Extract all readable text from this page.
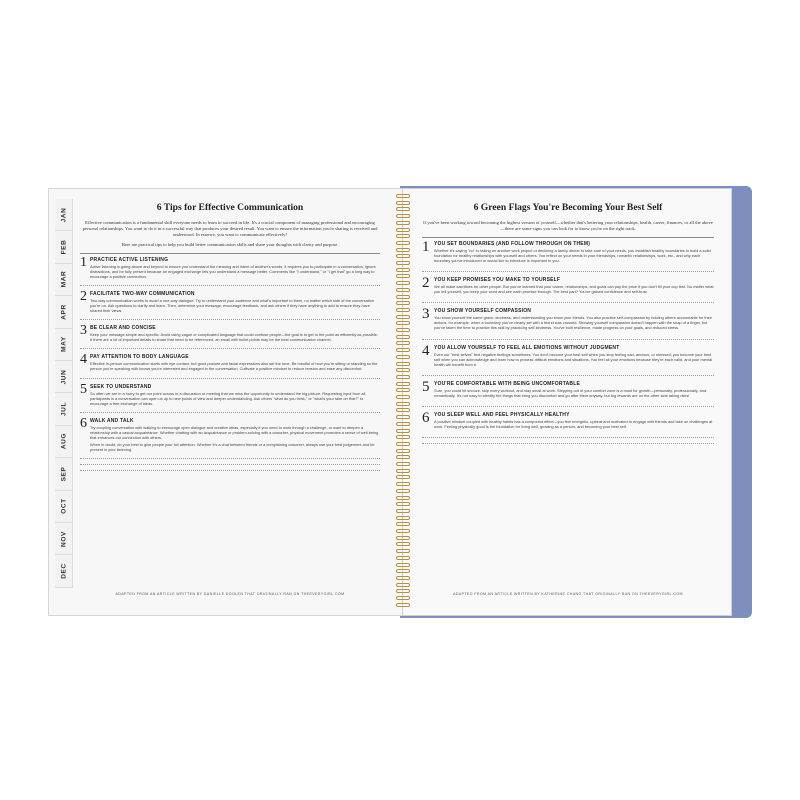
JAN
FEB
MAR
APR
MAY
JUN
JUL
AUG
SEP
OCT
NOV
DEC
6 Tips for Effective Communication

Effective communication is a fundamental skill everyone needs to learn to succeed in life. It's a crucial component of managing professional and encouraging personal relationships. You want to do it in a successful way that produces your desired result. You want to ensure the information you're sharing is received and understood. In essence, you want to communicate effectively!

Here are practical tips to help you build better communication skills and share your thoughts with clarity and purpose.

1 PRACTICE ACTIVE LISTENING

Active listening is going above and beyond to ensure you understand the meaning and intent of another's words. It requires you to participate in a conversation, ignore distractions, and be fully present because an engaged exchange lets you understand a message better. Comments like "I understand," or "I get that" go a long way to encourage a positive connection.

2 FACILITATE TWO-WAY COMMUNICATION

Two-way communication works to avoid a one-way dialogue. Try to understand your audience and what's important to them, no matter which side of the conversation you're on. Ask questions to clarify and learn. Then, determine your message, encourage feedback, and ask others if they have anything to add to ensure they have shared their views.

3 BE CLEAR AND CONCISE

Keep your message simple and specific. Avoid using vague or complicated language that could confuse people—the goal is to get to the point as efficiently as possible. If there are a lot of important details to share that need to be referenced, an email with bullet points may be the best communication channel.

4 PAY ATTENTION TO BODY LANGUAGE

Effective in-person communication starts with eye contact, but good posture and facial expressions also set the tone. Be mindful of how you're sitting or standing so the person you're speaking with knows you're interested and engaged in the conversation. Cultivate a positive mindset to reduce tension and ease any discomfort.

5 SEEK TO UNDERSTAND

So often we are in a hurry to get our point across in a discussion or meeting that we miss the opportunity to understand the big picture. Requesting input from all participants in a conversation can open us up to new points of view and deeper understanding. Ask others "what do you think," or "what's your take on that?" to encourage a free exchange of ideas.

6 WALK AND TALK

Try coupling conversation with walking to encourage open dialogue and creative ideas, especially if you need to work through a challenge, or want to deepen a relationship with a casual acquaintance. Whether chatting with an acquaintance or problem-solving with a coworker, physical movement promotes a sense of well-being that enhances our connection with others.

When in doubt, do your best to give people your full attention. Whether it's a chat between friends or a complaining coworker, always use your best judgement and be present in your listening.

ADAPTED FROM AN ARTICLE WRITTEN BY DANIELLE DOOLEN THAT ORIGINALLY RAN ON THEEVERYGIRL.COM
6 Green Flags You're Becoming Your Best Self

If you've been working toward becoming the highest version of yourself—whether that's bettering your relationships, health, career, finances, or all the above—there are some signs you can look for to know you're on the right track.

1 YOU SET BOUNDARIES (AND FOLLOW THROUGH ON THEM)

Whether it's saying "no" to taking on another work project or declining a family dinner to take care of your needs, you establish healthy boundaries to build a solid foundation for healthy relationships with yourself and others. You reflect on your needs in your friendships, romantic relationships, work, etc., and why each boundary you've introduced or would like to introduce is important to you.

2 YOU KEEP PROMISES YOU MAKE TO YOURSELF

We all make sacrifices for other people. But you've learned that your career, relationships, and goals can pay the price if you don't fill your cup first. No matter what you tell yourself, you keep your word and see each promise through. The best part? You've gained confidence and self-trust.

3 YOU SHOW YOURSELF COMPASSION

You show yourself the same grace, kindness, and understanding you show your friends. You also practice self-compassion by holding others accountable for their actions, for example, when a boundary you've clearly set with a friend was crossed. Showing yourself compassion doesn't happen with the snap of a finger, but you've taken the time to practice this skill by practicing self-kindness. You've built resilience, made progress on your goals, and reduced stress.

4 YOU ALLOW YOURSELF TO FEEL ALL EMOTIONS WITHOUT JUDGMENT

Even our "best selves" feel negative feelings sometimes. You don't become your best self when you stop feeling sad, anxious, or stressed; you become your best self when you can acknowledge and learn how to process difficult emotions and situations. You feel all your emotions because they're each valid, and your mental health will benefit from it.

5 YOU'RE COMFORTABLE WITH BEING UNCOMFORTABLE

Sure, you could hit snooze, skip every workout, and stay small at work. Stepping out of your comfort zone is a must for growth—personally, professionally, and romantically. It's not easy to identify the things that bring you discomfort and go after them anyway, but big rewards are on the other side taking risks!

6 YOU SLEEP WELL AND FEEL PHYSICALLY HEALTHY

A positive mindset coupled with healthy habits has a compound effect—you feel energetic, upbeat and motivated to engage with friends and take on challenges at work. Feeling physically good is the foundation for living well, growing as a person, and becoming your best self.

ADAPTED FROM AN ARTICLE WRITTEN BY KATHERINE CHANG THAT ORIGINALLY RAN ON THEEVERYGIRL.COM
